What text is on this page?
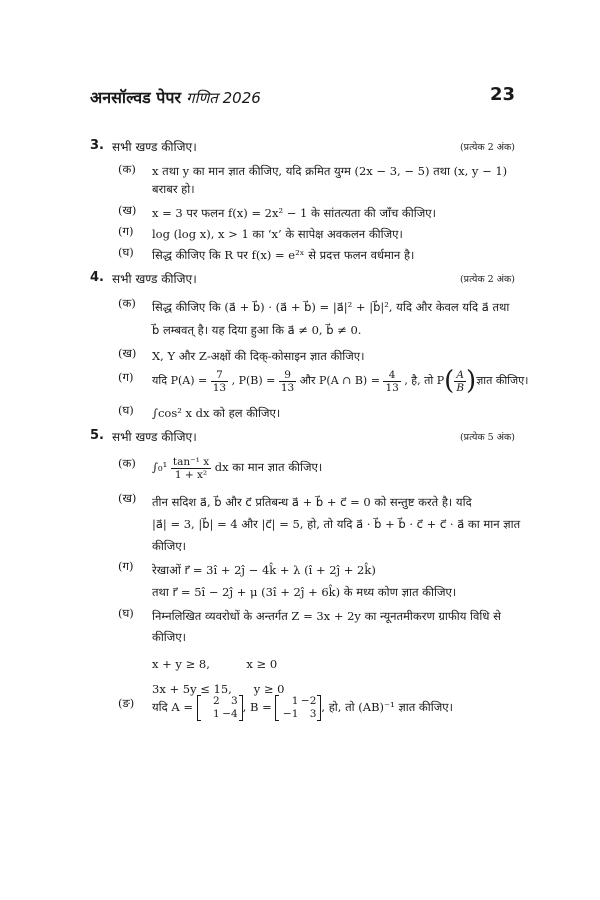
अनसॉल्वड पेपर गणित 2026	23
3. सभी खण्ड कीजिए।	(प्रत्येक 2 अंक)
(क) x तथा y का मान ज्ञात कीजिए, यदि क्रमित युग्म (2x − 3, − 5) तथा (x, y − 1)
बराबर हो।
(ख) x = 3 पर फलन f(x) = 2x² − 1 के सांतत्यता की जाँच कीजिए।
(ग) log (log x), x > 1 का ‘x’ के सापेक्ष अवकलन कीजिए।
(घ) सिद्ध कीजिए कि R पर f(x) = e²ˣ से प्रदत्त फलन वर्धमान है।
4. सभी खण्ड कीजिए।	(प्रत्येक 2 अंक)
(क) सिद्ध कीजिए कि (a⃗ + b⃗) · (a⃗ + b⃗) = |a⃗|² + |b⃗|², यदि और केवल यदि a⃗ तथा
b⃗ लम्बवत् है। यह दिया हुआ कि a⃗ ≠ 0, b⃗ ≠ 0.
(ख) X, Y और Z-अक्षों की दिक्-कोसाइन ज्ञात कीजिए।
(ग) यदि $P(A) = \frac{7}{13}$ , $P(B) = \frac{9}{13}$ और P(A ∩ $B) = \frac{4}{13}$ , है, तो $P( \frac{A}{B}$ )ज्ञात कीजिए।
(घ) ∫cos² x dx को हल कीजिए।
5. सभी खण्ड कीजिए।	(प्रत्येक 5 अंक)
(क) $\int_0^1 \frac{\text{tan⁻¹ x}}{\text{1 + x²}}$ dx का मान ज्ञात कीजिए।
(ख) तीन सदिश a⃗, b⃗ और c⃗ प्रतिबन्ध a⃗ + b⃗ + c⃗ = 0 को सन्तुष्ट करते है। यदि
|a⃗| = 3, |b⃗| = 4 और |c⃗| = 5, हो, तो यदि a⃗ · b⃗ + b⃗ · c⃗ + c⃗ · a⃗ का मान ज्ञात
कीजिए।
(ग) रेखाओं r⃗ = 3î + 2ĵ − 4k̂ + λ (î + 2ĵ + 2k̂)
तथा r⃗ = 5î − 2ĵ + μ (3î + 2ĵ + 6k̂) के मध्य कोण ज्ञात कीजिए।
(घ) निम्नलिखित व्यवरोधों के अन्तर्गत Z = 3x + 2y का न्यूनतमीकरण ग्राफीय विधि से
कीजिए।
x + y ≥ 8,          x ≥ 0
3x + 5y ≤ 15,      y ≥ 0
(ङ) यदि A =	2 3
1 −4 , B =	1 −2
−1 3 , हो, तो (AB)⁻¹ ज्ञात कीजिए।
